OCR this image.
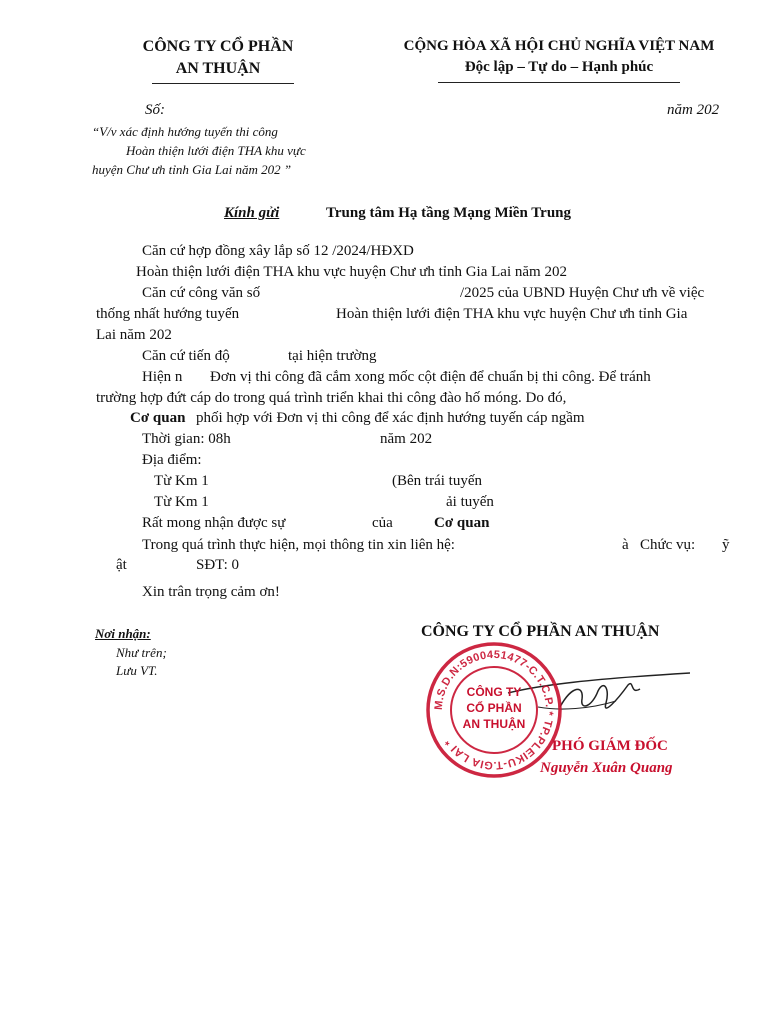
CÔNG TY CỔ PHẦN
AN THUẬN
CỘNG HÒA XÃ HỘI CHỦ NGHĨA VIỆT NAM
Độc lập – Tự do – Hạnh phúc
Số:	năm 202
“V/v xác định hướng tuyến thi công
Hoàn thiện lưới điện THA khu vực
huyện Chư ưh tỉnh Gia Lai năm 202 ”
Kính gửi	Trung tâm Hạ tầng Mạng Miền Trung
Căn cứ hợp đồng xây lắp số 12 /2024/HĐXD
Hoàn thiện lưới điện THA khu vực huyện Chư ưh tỉnh Gia Lai năm 202
Căn cứ công văn số	/2025 của UBND Huyện Chư ưh về việc
thống nhất hướng tuyến	Hoàn thiện lưới điện THA khu vực huyện Chư ưh tỉnh Gia
Lai năm 202
Căn cứ tiến độ	tại hiện trường
Hiện n Đơn vị thi công đã cắm xong mốc cột điện để chuẩn bị thi công. Để tránh
trường hợp đứt cáp do trong quá trình triển khai thi công đào hố móng. Do đó,
Cơ quan phối hợp với Đơn vị thi công để xác định hướng tuyến cáp ngầm
Thời gian: 08h	năm 202
Địa điểm:
Từ Km 1	(Bên trái tuyến
Từ Km 1	ải tuyến
Rất mong nhận được sự	của	Cơ quan
Trong quá trình thực hiện, mọi thông tin xin liên hệ:	à Chức vụ: ỹ
ật	SĐT: 0
Xin trân trọng cảm ơn!
Nơi nhận:
Như trên;
Lưu VT.
CÔNG TY CỔ PHẦN AN THUẬN
M.S.D.N:5900451477-C.T.C.P. * TP.PLEIKU-T.GIA LAI *
CÔNG TY
CỔ PHẦN
AN THUẬN
PHÓ GIÁM ĐỐC
Nguyễn Xuân Quang
